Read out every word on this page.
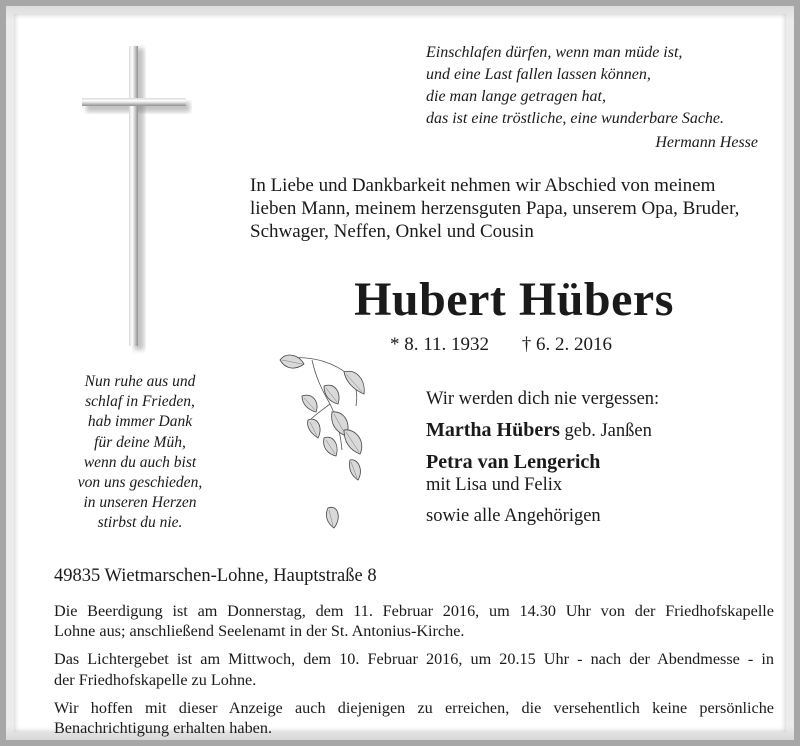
Einschlafen dürfen, wenn man müde ist,
und eine Last fallen lassen können,
die man lange getragen hat,
das ist eine tröstliche, eine wunderbare Sache.
Hermann Hesse
In Liebe und Dankbarkeit nehmen wir Abschied von meinem
lieben Mann, meinem herzensguten Papa, unserem Opa, Bruder,
Schwager, Neffen, Onkel und Cousin
Hubert Hübers
* 8. 11. 1932 † 6. 2. 2016
Nun ruhe aus und
schlaf in Frieden,
hab immer Dank
für deine Müh,
wenn du auch bist
von uns geschieden,
in unseren Herzen
stirbst du nie.
Wir werden dich nie vergessen:
Martha Hübers geb. Janßen
Petra van Lengerich
mit Lisa und Felix
sowie alle Angehörigen
49835 Wietmarschen-Lohne, Hauptstraße 8

Die Beerdigung ist am Donnerstag, dem 11. Februar 2016, um 14.30 Uhr von der Friedhofskapelle
Lohne aus; anschließend Seelenamt in der St. Antonius-Kirche.

Das Lichtergebet ist am Mittwoch, dem 10. Februar 2016, um 20.15 Uhr - nach der Abendmesse - in
der Friedhofskapelle zu Lohne.

Wir hoffen mit dieser Anzeige auch diejenigen zu erreichen, die versehentlich keine persönliche
Benachrichtigung erhalten haben.
